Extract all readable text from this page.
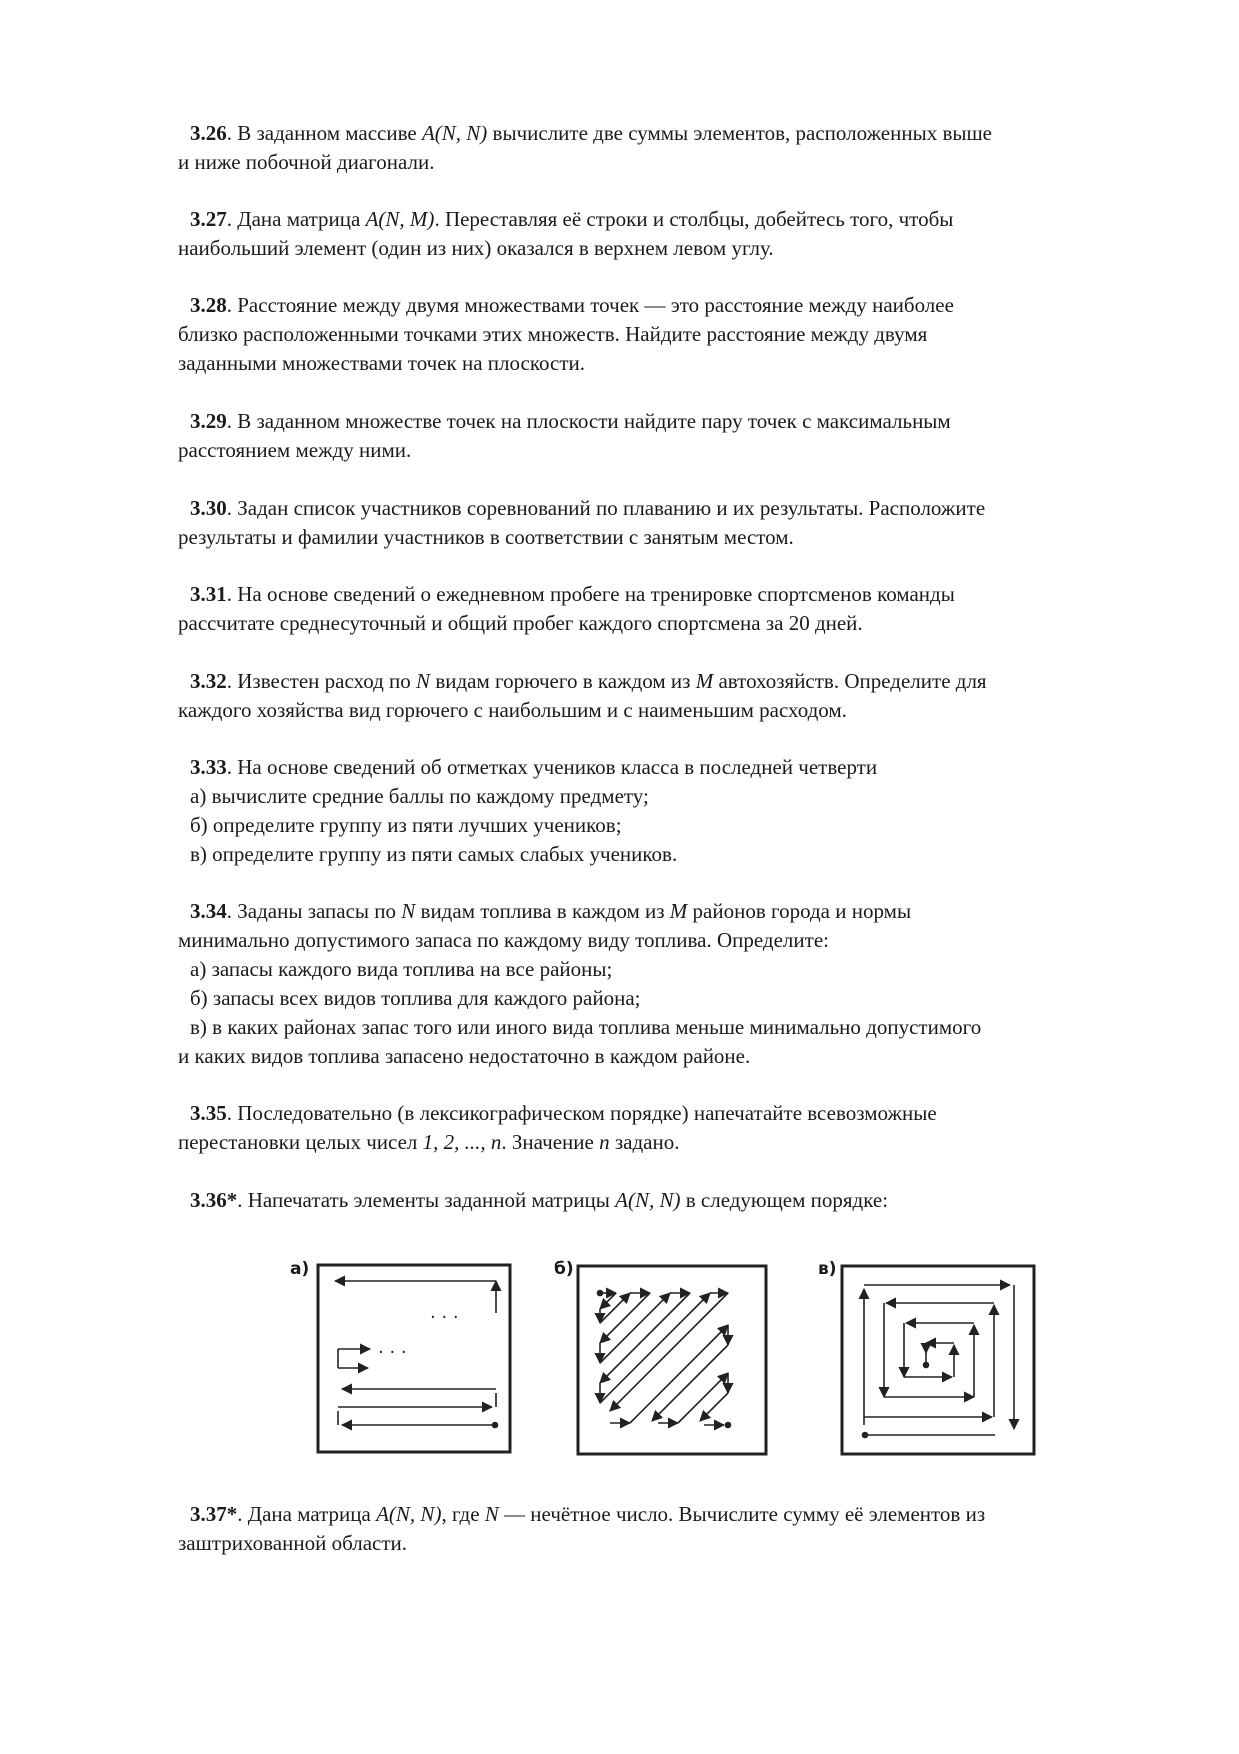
3.26. В заданном массиве A(N, N) вычислите две суммы элементов, расположенных выше
и ниже побочной диагонали.
3.27. Дана матрица A(N, M). Переставляя её строки и столбцы, добейтесь того, чтобы
наибольший элемент (один из них) оказался в верхнем левом углу.
3.28. Расстояние между двумя множествами точек — это расстояние между наиболее
близко расположенными точками этих множеств. Найдите расстояние между двумя
заданными множествами точек на плоскости.
3.29. В заданном множестве точек на плоскости найдите пару точек с максимальным
расстоянием между ними.
3.30. Задан список участников соревнований по плаванию и их результаты. Расположите
результаты и фамилии участников в соответствии с занятым местом.
3.31. На основе сведений о ежедневном пробеге на тренировке спортсменов команды
рассчитате среднесуточный и общий пробег каждого спортсмена за 20 дней.
3.32. Известен расход по N видам горючего в каждом из M автохозяйств. Определите для
каждого хозяйства вид горючего с наибольшим и с наименьшим расходом.
3.33. На основе сведений об отметках учеников класса в последней четверти
а) вычислите средние баллы по каждому предмету;
б) определите группу из пяти лучших учеников;
в) определите группу из пяти самых слабых учеников.
3.34. Заданы запасы по N видам топлива в каждом из M районов города и нормы
минимально допустимого запаса по каждому виду топлива. Определите:
а) запасы каждого вида топлива на все районы;
б) запасы всех видов топлива для каждого района;
в) в каких районах запас того или иного вида топлива меньше минимально допустимого
и каких видов топлива запасено недостаточно в каждом районе.
3.35. Последовательно (в лексикографическом порядке) напечатайте всевозможные
перестановки целых чисел 1, 2, ..., n. Значение n задано.
3.36*. Напечатать элементы заданной матрицы A(N, N) в следующем порядке:
. . .
. . .
а)	б)	в)
3.37*. Дана матрица A(N, N), где N — нечётное число. Вычислите сумму её элементов из
заштрихованной области.
